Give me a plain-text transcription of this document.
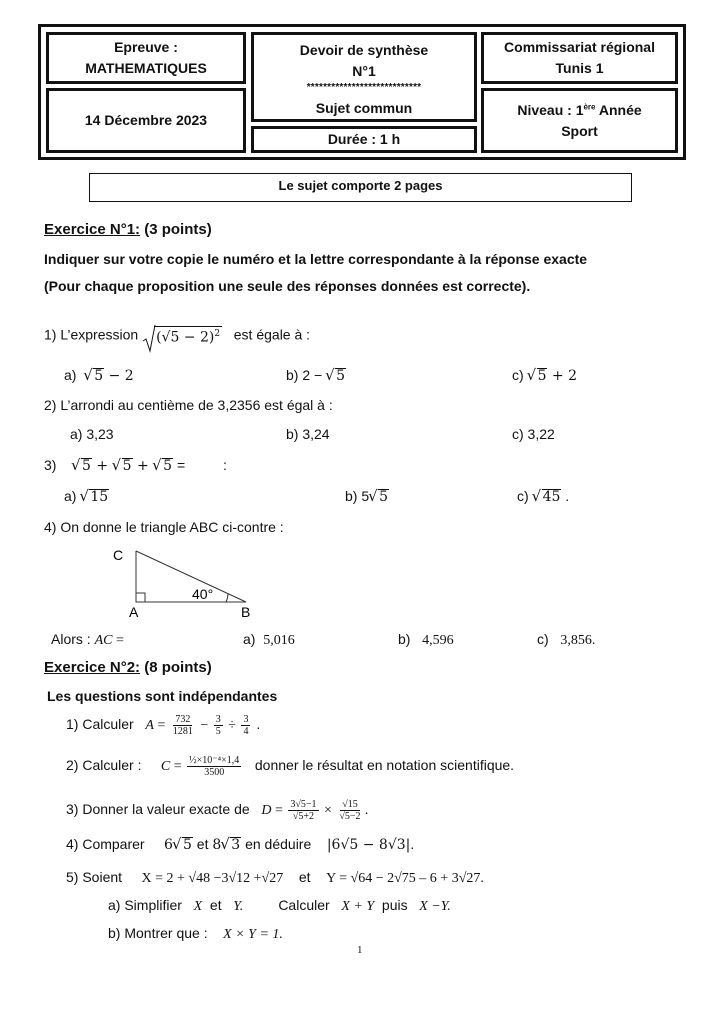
Epreuve :
MATHEMATIQUES
14 Décembre 2023
Devoir de synthèse
N°1
****************************
Sujet commun
Durée : 1 h
Commissariat régional
Tunis 1
Niveau : 1ère Année
Sport
Le sujet comporte 2 pages
Exercice N°1: (3 points)
Indiquer sur votre copie le numéro et la lettre correspondante à la réponse exacte
(Pour chaque proposition une seule des réponses données est correcte).
1) L’expression $(√5 - 2)^2$ est égale à :
a) √ 5 − 2	b) 2 − √ 5	c) √ 5 + 2
2) L’arrondi au centième de 3,2356 est égal à :
a) 3,23	b) 3,24	c) 3,22
3) √ 5 + √ 5 + √ 5 =	:
a) √ 15	b) 5 √ 5	c) √ 45 .
4) On donne le triangle ABC ci-contre :
C
A	B
40°
Alors : AC =	a) 5,016	b) 4,596	c) 3,856.
Exercice N°2: (8 points)
Les questions sont indépendantes
1) Calculer $A = \frac{732}{1281} - \frac{3}{5} \div \frac{3}{4}$ .
2) Calculer : $C = \frac{\text{½×10⁻⁴×1,4}}{3500}$ donner le résultat en notation scientifique.
3) Donner la valeur exacte de $D = \frac{3√5-1}{√5+2} \times \frac{√15}{√5-2}$ .
4) Comparer 6 √ 5 et 8 √ 3 en déduire |6√5 − 8√3|.
5) Soient X = 2 + √48 −3√12 +√27 et Y = √64 − 2√75 – 6 + 3√27.
a) Simplifier X et Y.	Calculer X + Y puis X −Y.
b) Montrer que : X × Y = 1.
1
